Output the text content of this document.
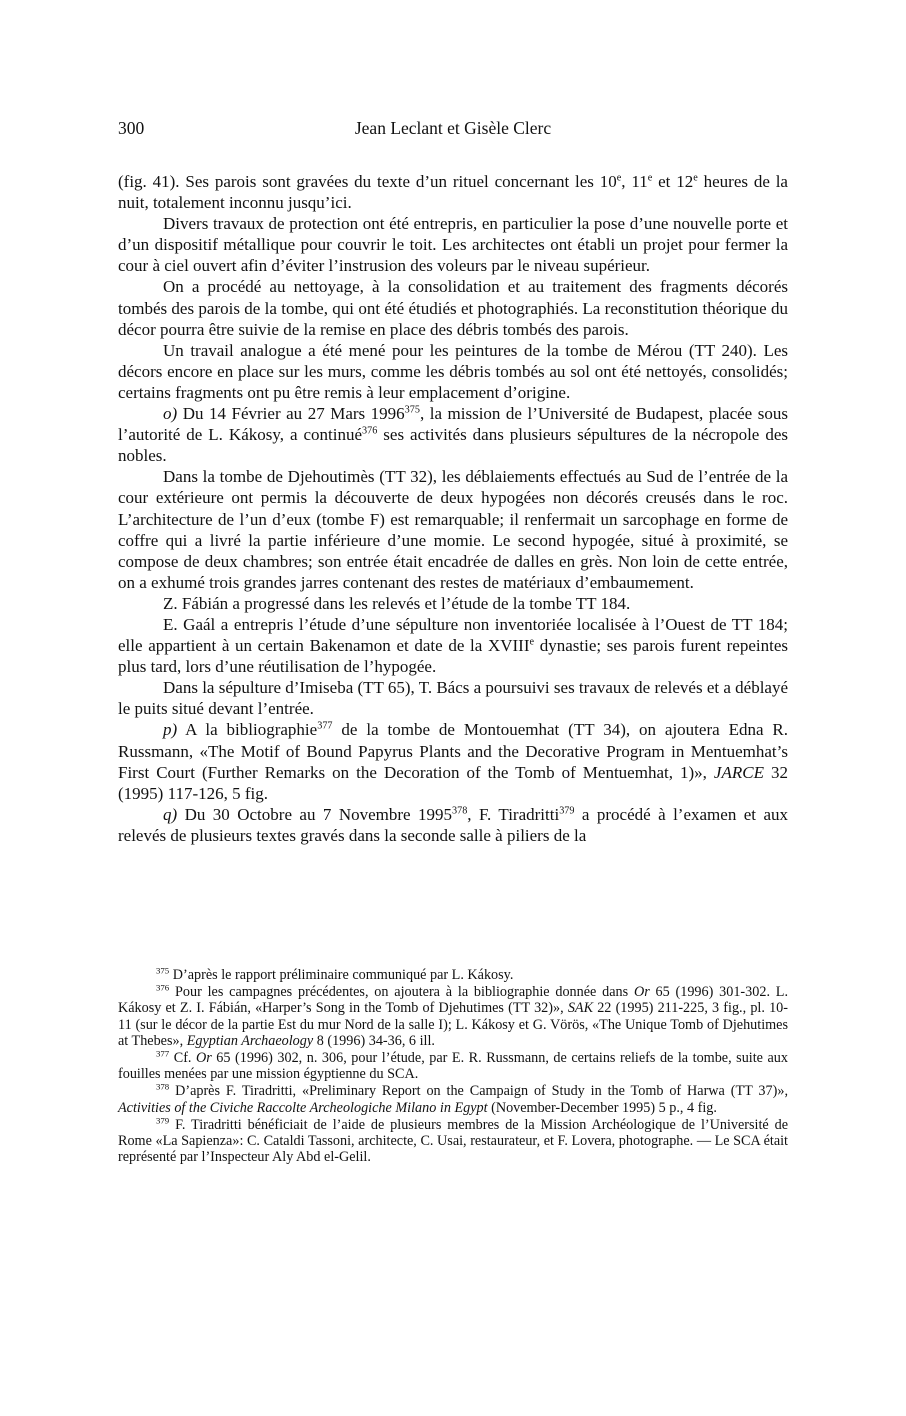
300	Jean Leclant et Gisèle Clerc

(fig. 41). Ses parois sont gravées du texte d’un rituel concernant les 10e, 11e et 12e heures de la nuit, totalement inconnu jusqu’ici.

Divers travaux de protection ont été entrepris, en particulier la pose d’une nouvelle porte et d’un dispositif métallique pour couvrir le toit. Les architectes ont établi un projet pour fermer la cour à ciel ouvert afin d’éviter l’instrusion des voleurs par le niveau supérieur.

On a procédé au nettoyage, à la consolidation et au traitement des fragments décorés tombés des parois de la tombe, qui ont été étudiés et photographiés. La reconstitution théorique du décor pourra être suivie de la remise en place des débris tombés des parois.

Un travail analogue a été mené pour les peintures de la tombe de Mérou (TT 240). Les décors encore en place sur les murs, comme les débris tombés au sol ont été nettoyés, consolidés; certains fragments ont pu être remis à leur emplacement d’origine.

o) Du 14 Février au 27 Mars 1996$^{375}$, la mission de l’Université de Budapest, placée sous l’autorité de L. Kákosy, a continué$^{376}$ ses activités dans plusieurs sépultures de la nécropole des nobles.

Dans la tombe de Djehoutimès (TT 32), les déblaiements effectués au Sud de l’entrée de la cour extérieure ont permis la découverte de deux hypogées non décorés creusés dans le roc. L’architecture de l’un d’eux (tombe F) est remarquable; il renfermait un sarcophage en forme de coffre qui a livré la partie inférieure d’une momie. Le second hypogée, situé à proximité, se compose de deux chambres; son entrée était encadrée de dalles en grès. Non loin de cette entrée, on a exhumé trois grandes jarres contenant des restes de matériaux d’embaumement.

Z. Fábián a progressé dans les relevés et l’étude de la tombe TT 184.

E. Gaál a entrepris l’étude d’une sépulture non inventoriée localisée à l’Ouest de TT 184; elle appartient à un certain Bakenamon et date de la XVIIIe dynastie; ses parois furent repeintes plus tard, lors d’une réutilisation de l’hypogée.

Dans la sépulture d’Imiseba (TT 65), T. Bács a poursuivi ses travaux de relevés et a déblayé le puits situé devant l’entrée.

p) A la bibliographie$^{377}$ de la tombe de Montouemhat (TT 34), on ajoutera Edna R. Russmann, «The Motif of Bound Papyrus Plants and the Decorative Program in Mentuemhat’s First Court (Further Remarks on the Decoration of the Tomb of Mentuemhat, 1)», JARCE 32 (1995) 117-126, 5 fig.

q) Du 30 Octobre au 7 Novembre 1995$^{378}$, F. Tiradritti$^{379}$ a procédé à l’examen et aux relevés de plusieurs textes gravés dans la seconde salle à piliers de la

$^{375}$ D’après le rapport préliminaire communiqué par L. Kákosy.

$^{376}$ Pour les campagnes précédentes, on ajoutera à la bibliographie donnée dans Or 65 (1996) 301-302. L. Kákosy et Z. I. Fábián, «Harper’s Song in the Tomb of Djehutimes (TT 32)», SAK 22 (1995) 211-225, 3 fig., pl. 10-11 (sur le décor de la partie Est du mur Nord de la salle I); L. Kákosy et G. Vörös, «The Unique Tomb of Djehutimes at Thebes», Egyptian Archaeology 8 (1996) 34-36, 6 ill.

$^{377}$ Cf. Or 65 (1996) 302, n. 306, pour l’étude, par E. R. Russmann, de certains reliefs de la tombe, suite aux fouilles menées par une mission égyptienne du SCA.

$^{378}$ D’après F. Tiradritti, «Preliminary Report on the Campaign of Study in the Tomb of Harwa (TT 37)», Activities of the Civiche Raccolte Archeologiche Milano in Egypt (November-December 1995) 5 p., 4 fig.

$^{379}$ F. Tiradritti bénéficiait de l’aide de plusieurs membres de la Mission Archéologique de l’Université de Rome «La Sapienza»: C. Cataldi Tassoni, architecte, C. Usai, restaurateur, et F. Lovera, photographe. — Le SCA était représenté par l’Inspecteur Aly Abd el-Gelil.
